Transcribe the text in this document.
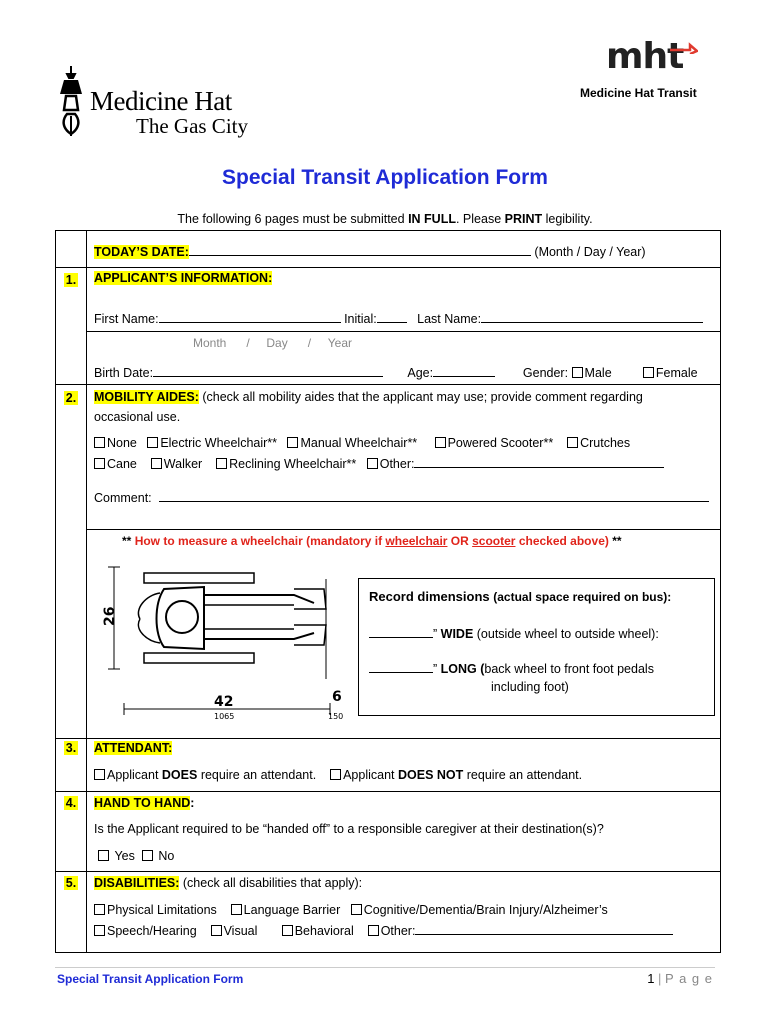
Medicine Hat
The Gas City
mht
Medicine Hat Transit
Special Transit Application Form
The following 6 pages must be submitted IN FULL. Please PRINT legibility.
TODAY’S DATE:	(Month / Day / Year)
1.	APPLICANT’S INFORMATION:
First Name:	Initial:	Last Name:
Month / Day / Year
Birth Date:	Age:	Gender: Male	Female
2.	MOBILITY AIDES: (check all mobility aides that the applicant may use; provide comment regarding
occasional use.
None Electric Wheelchair** Manual Wheelchair** Powered Scooter** Crutches
Cane Walker Reclining Wheelchair** Other:
Comment:
** How to measure a wheelchair (mandatory if wheelchair OR scooter checked above) **
26
42
1065
6
150
Record dimensions (actual space required on bus):
” WIDE (outside wheel to outside wheel):
” LONG (back wheel to front foot pedals
including foot)
3.	ATTENDANT:
Applicant DOES require an attendant. Applicant DOES NOT require an attendant.
4.	HAND TO HAND:
Is the Applicant required to be “handed off” to a responsible caregiver at their destination(s)?
Yes No
5.	DISABILITIES: (check all disabilities that apply):
Physical Limitations Language Barrier Cognitive/Dementia/Brain Injury/Alzheimer’s
Speech/Hearing Visual	Behavioral Other:
Special Transit Application Form	1 | P a g e
